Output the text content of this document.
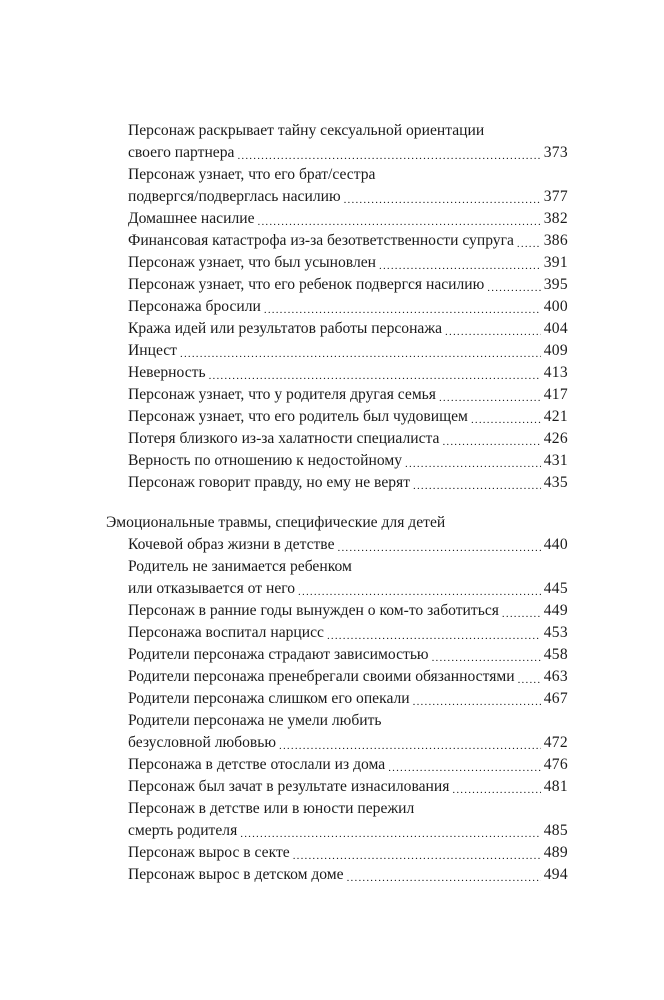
Персонаж раскрывает тайну сексуальной ориентации
своего партнера .....	373
Персонаж узнает, что его брат/сестра
подвергся/подверглась насилию .....	377
Домашнее насилие .....	382
Финансовая катастрофа из-за безответственности супруга ..... 386
Персонаж узнает, что был усыновлен .....	391
Персонаж узнает, что его ребенок подвергся насилию .....	395
Персонажа бросили .....	400
Кража идей или результатов работы персонажа .....	404
Инцест .....	409
Неверность .....	413
Персонаж узнает, что у родителя другая семья .....	417
Персонаж узнает, что его родитель был чудовищем .....	421
Потеря близкого из-за халатности специалиста .....	426
Верность по отношению к недостойному .....	431
Персонаж говорит правду, но ему не верят .....	435
Эмоциональные травмы, специфические для детей
Кочевой образ жизни в детстве .....	440
Родитель не занимается ребенком
или отказывается от него .....	445
Персонаж в ранние годы вынужден о ком-то заботиться .....	449
Персонажа воспитал нарцисс .....	453
Родители персонажа страдают зависимостью .....	458
Родители персонажа пренебрегали своими обязанностями ..... 463
Родители персонажа слишком его опекали .....	467
Родители персонажа не умели любить
безусловной любовью .....	472
Персонажа в детстве отослали из дома .....	476
Персонаж был зачат в результате изнасилования .....	481
Персонаж в детстве или в юности пережил
смерть родителя .....	485
Персонаж вырос в секте .....	489
Персонаж вырос в детском доме .....	494
